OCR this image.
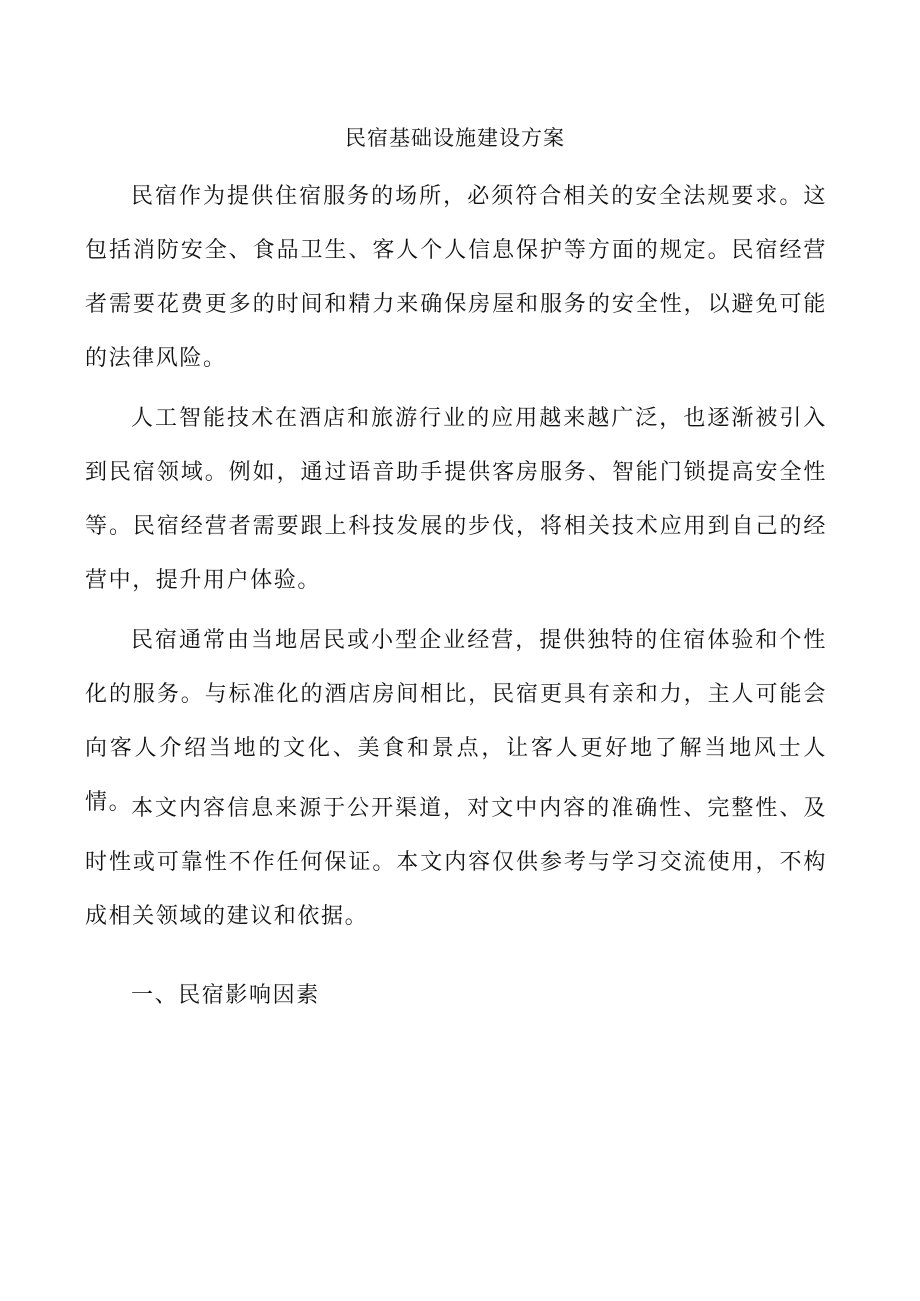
民宿基础设施建设方案

民宿作为提供住宿服务的场所，必须符合相关的安全法规要求。这包括消防安全、食品卫生、客人个人信息保护等方面的规定。民宿经营者需要花费更多的时间和精力来确保房屋和服务的安全性，以避免可能的法律风险。

人工智能技术在酒店和旅游行业的应用越来越广泛，也逐渐被引入到民宿领域。例如，通过语音助手提供客房服务、智能门锁提高安全性等。民宿经营者需要跟上科技发展的步伐，将相关技术应用到自己的经营中，提升用户体验。

民宿通常由当地居民或小型企业经营，提供独特的住宿体验和个性化的服务。与标准化的酒店房间相比，民宿更具有亲和力，主人可能会向客人介绍当地的文化、美食和景点，让客人更好地了解当地风士人情。

本文内容信息来源于公开渠道，对文中内容的准确性、完整性、及时性或可靠性不作任何保证。本文内容仅供参考与学习交流使用，不构成相关领域的建议和依据。

一、民宿影响因素
